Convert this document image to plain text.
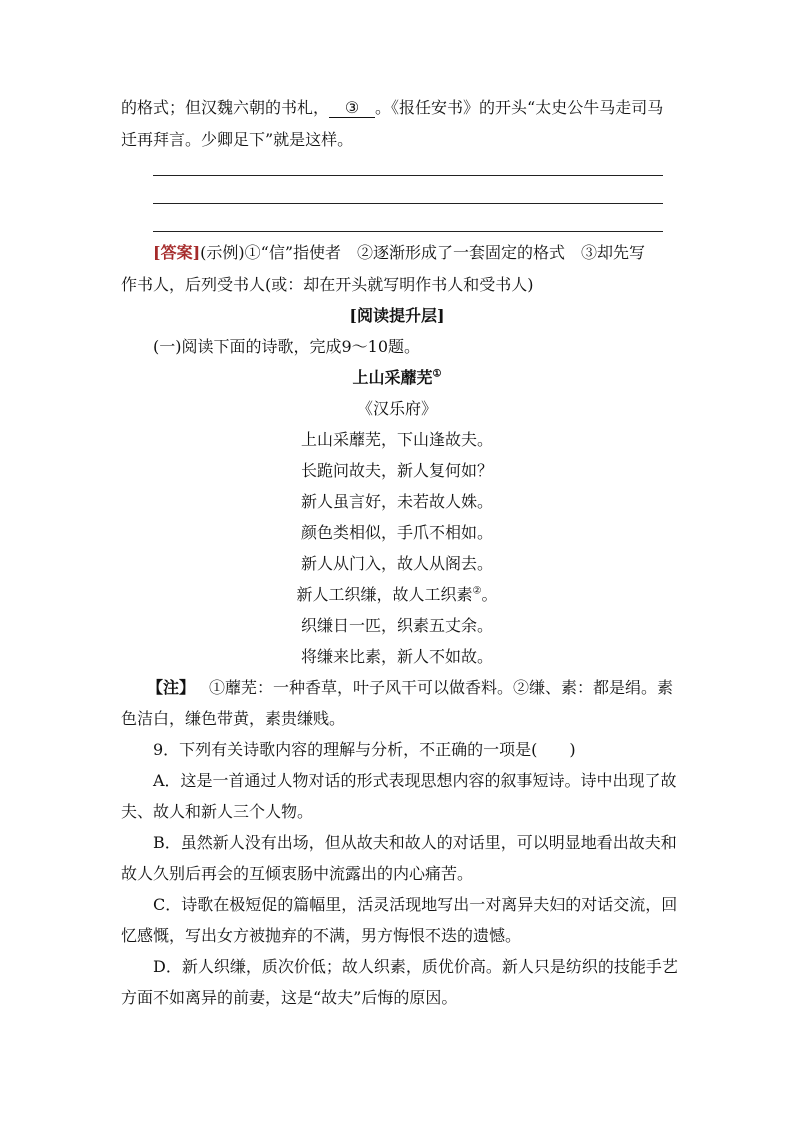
的格式；但汉魏六朝的书札， ③ 。《报任安书》的开头“太史公牛马走司马
迁再拜言。少卿足下”就是这样。
[答案](示例)①“信”指使者　②逐渐形成了一套固定的格式　③却先写
作书人，后列受书人(或：却在开头就写明作书人和受书人)
[阅读提升层]
(一)阅读下面的诗歌，完成9～10题。
上山采蘼芜①
《汉乐府》
上山采蘼芜，下山逢故夫。
长跪问故夫，新人复何如？
新人虽言好，未若故人姝。
颜色类相似，手爪不相如。
新人从门入，故人从阁去。
新人工织缣，故人工织素②。
织缣日一匹，织素五丈余。
将缣来比素，新人不如故。
【注】 ①蘼芜：一种香草，叶子风干可以做香料。②缣、素：都是绢。素
色洁白，缣色带黄，素贵缣贱。
9．下列有关诗歌内容的理解与分析，不正确的一项是(　　)
A．这是一首通过人物对话的形式表现思想内容的叙事短诗。诗中出现了故
夫、故人和新人三个人物。
B．虽然新人没有出场，但从故夫和故人的对话里，可以明显地看出故夫和
故人久别后再会的互倾衷肠中流露出的内心痛苦。
C．诗歌在极短促的篇幅里，活灵活现地写出一对离异夫妇的对话交流，回
忆感慨，写出女方被抛弃的不满，男方悔恨不迭的遗憾。
D．新人织缣，质次价低；故人织素，质优价高。新人只是纺织的技能手艺
方面不如离异的前妻，这是“故夫”后悔的原因。
